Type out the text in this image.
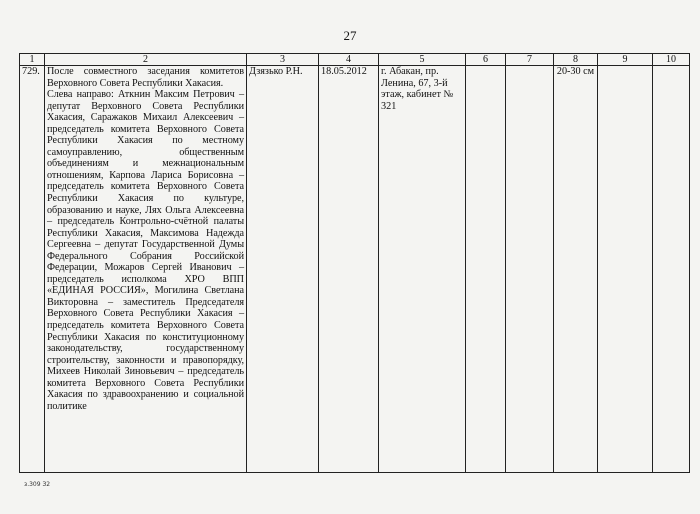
27
1	2	3	4	5	6	7	8	9	10
729.	После совместного заседания комитетов Верховного Совета Республики Хакасия.
Слева направо: Аткнин Максим Петрович – депутат Верховного Совета Республики Хакасия, Саражаков Михаил Алексеевич – председатель комитета Верховного Совета Республики Хакасия по местному самоуправлению, общественным объединениям и межнациональным отношениям, Карпова Лариса Борисовна – председатель комитета Верховного Совета Республики Хакасия по культуре, образованию и науке, Лях Ольга Алексеевна – председатель Контрольно-счётной палаты Республики Хакасия, Максимова Надежда Сергеевна – депутат Государственной Думы Федерального Собрания Российской Федерации, Можаров Сергей Иванович – председатель исполкома ХРО ВПП «ЕДИНАЯ РОССИЯ», Могилина Светлана Викторовна – заместитель Председателя Верховного Совета Республики Хакасия – председатель комитета Верховного Совета Республики Хакасия по конституционному законодательству, государственному строительству, законности и правопорядку, Михеев Николай Зиновьевич – председатель комитета Верховного Совета Республики Хакасия по здравоохранению и социальной политике	Дзязько Р.Н.	18.05.2012	г. Абакан, пр. Ленина, 67, 3-й этаж, кабинет № 321			20-30 см		
з.309 З2
